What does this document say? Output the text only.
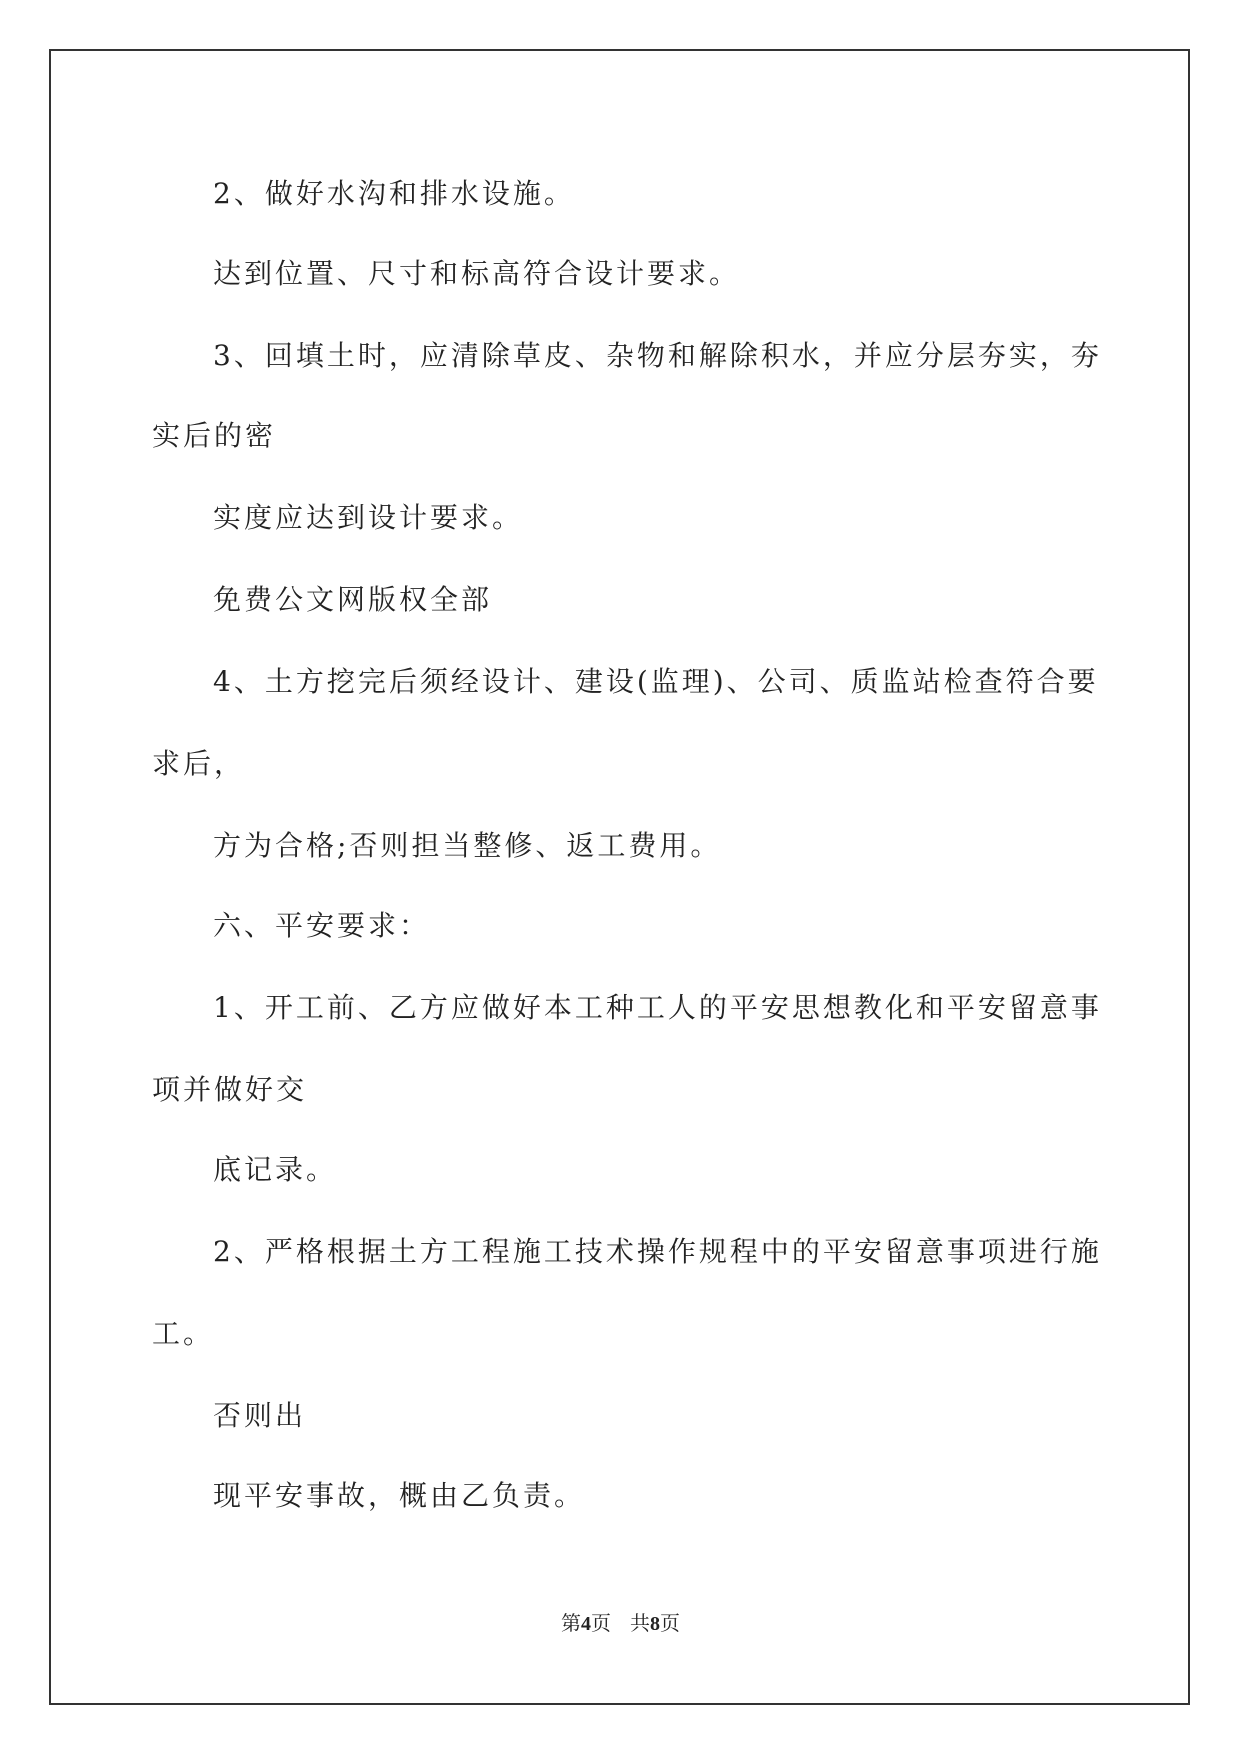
2、做好水沟和排水设施。

达到位置、尺寸和标高符合设计要求。

3、回填土时，应清除草皮、杂物和解除积水，并应分层夯实，夯

实后的密

实度应达到设计要求。

免费公文网版权全部

4、土方挖完后须经设计、建设(监理)、公司、质监站检查符合要

求后，

方为合格;否则担当整修、返工费用。

六、平安要求：

1、开工前、乙方应做好本工种工人的平安思想教化和平安留意事

项并做好交

底记录。

2、严格根据土方工程施工技术操作规程中的平安留意事项进行施

工。

否则出

现平安事故，概由乙负责。

第4页 共8页
